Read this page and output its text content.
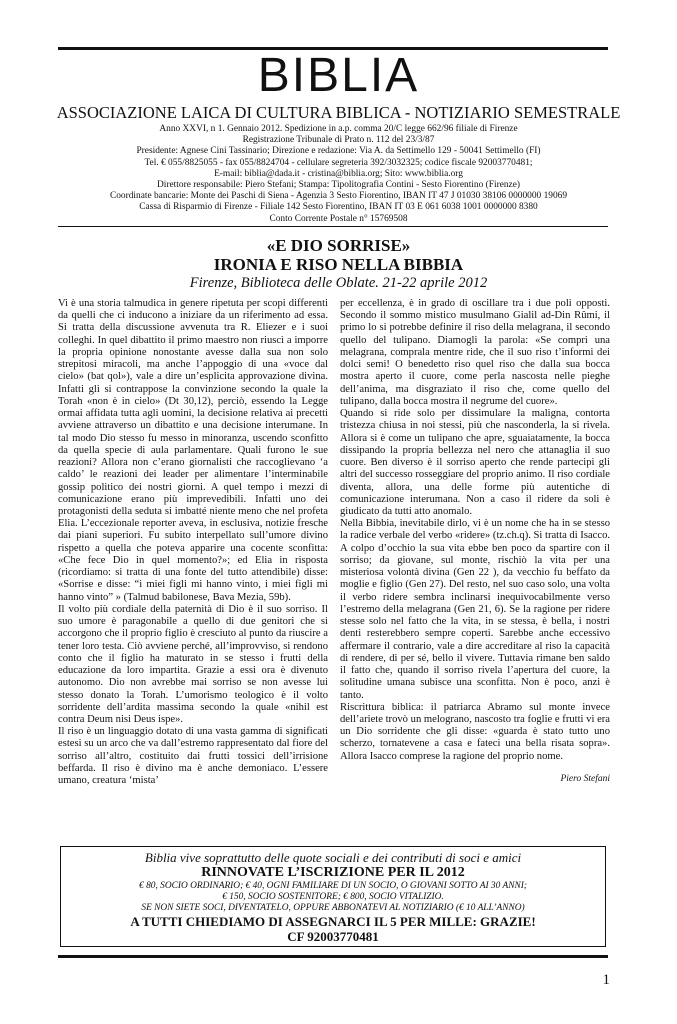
BIBLIA
ASSOCIAZIONE LAICA DI CULTURA BIBLICA - NOTIZIARIO SEMESTRALE
Anno XXVI, n 1. Gennaio 2012. Spedizione in a.p. comma 20/C legge 662/96 filiale di Firenze
Registrazione Tribunale di Prato n. 112 del 23/3/87
Presidente: Agnese Cini Tassinario; Direzione e redazione: Via A. da Settimello 129 - 50041 Settimello (FI)
Tel. € 055/8825055 - fax 055/8824704 - cellulare segreteria 392/3032325; codice fiscale 92003770481;
E-mail: biblia@dada.it - cristina@biblia.org; Sito: www.biblia.org
Direttore responsabile: Piero Stefani; Stampa: Tipolitografia Contini - Sesto Fiorentino (Firenze)
Coordinate bancarie: Monte dei Paschi di Siena - Agenzia 3 Sesto Fiorentino, IBAN IT 47 J 01030 38106 0000000 19069
Cassa di Risparmio di Firenze - Filiale 142 Sesto Fiorentino, IBAN IT 03 E 061 6038 1001 0000000 8380
Conto Corrente Postale n° 15769508
«E DIO SORRISE»
IRONIA E RISO NELLA BIBBIA
Firenze, Biblioteca delle Oblate. 21-22 aprile 2012

Vi è una storia talmudica in genere ripetuta per scopi differenti da quelli che ci inducono a iniziare da un riferimento ad essa. Si tratta della discussione avvenuta tra R. Eliezer e i suoi colleghi. In quel dibattito il primo maestro non riuscì a imporre la propria opinione nonostante avesse dalla sua non solo strepitosi miracoli, ma anche l’appoggio di una «voce dal cielo» (bat qol»), vale a dire un’esplicita approvazione divina. Infatti gli si contrappose la convinzione secondo la quale la Torah «non è in cielo» (Dt 30,12), perciò, essendo la Legge ormai affidata tutta agli uomini, la decisione relativa ai precetti avviene attraverso un dibattito e una decisione interumane. In tal modo Dio stesso fu messo in minoranza, uscendo sconfitto da quella specie di aula parlamentare. Quali furono le sue reazioni? Allora non c’erano giornalisti che raccoglievano ‘a caldo’ le reazioni dei leader per alimentare l’interminabile gossip politico dei nostri giorni. A quel tempo i mezzi di comunicazione erano più imprevedibili. Infatti uno dei protagonisti della seduta si imbatté niente meno che nel profeta Elia. L’eccezionale reporter aveva, in esclusiva, notizie fresche dai piani superiori. Fu subito interpellato sull’umore divino rispetto a quella che poteva apparire una cocente sconfitta: «Che fece Dio in quel momento?»; ed Elia in risposta (ricordiamo: si tratta di una fonte del tutto attendibile) disse: «Sorrise e disse: “i miei figli mi hanno vinto, i miei figli mi hanno vinto” » (Talmud babilonese, Bava Mezia, 59b).

Il volto più cordiale della paternità di Dio è il suo sorriso. Il suo umore è paragonabile a quello di due genitori che si accorgono che il proprio figlio è cresciuto al punto da riuscire a tener loro testa. Ciò avviene perché, all’improvviso, si rendono conto che il figlio ha maturato in se stesso i frutti della educazione da loro impartita. Grazie a essi ora è divenuto autonomo. Dio non avrebbe mai sorriso se non avesse lui stesso donato la Torah. L’umorismo teologico è il volto sorridente dell’ardita massima secondo la quale «nihil est contra Deum nisi Deus ispe».

Il riso è un linguaggio dotato di una vasta gamma di significati estesi su un arco che va dall’estremo rappresentato dal fiore del sorriso all’altro, costituito dai frutti tossici dell’irrisione beffarda. Il riso è divino ma è anche demoniaco. L’essere umano, creatura ‘mista’

per eccellenza, è in grado di oscillare tra i due poli opposti. Secondo il sommo mistico musulmano Gialil ad-Din Rûmi, il primo lo si potrebbe definire il riso della melagrana, il secondo quello del tulipano. Diamogli la parola: «Se compri una melagrana, comprala mentre ride, che il suo riso t’informi dei dolci semi! O benedetto riso quel riso che dalla sua bocca mostra aperto il cuore, come perla nascosta nelle pieghe dell’anima, ma disgraziato il riso che, come quello del tulipano, dalla bocca mostra il negrume del cuore».

Quando si ride solo per dissimulare la maligna, contorta tristezza chiusa in noi stessi, più che nasconderla, la si rivela. Allora si è come un tulipano che apre, sguaiatamente, la bocca dissipando la propria bellezza nel nero che attanaglia il suo cuore. Ben diverso è il sorriso aperto che rende partecipi gli altri del successo rosseggiare del proprio animo. Il riso cordiale diventa, allora, una delle forme più autentiche di comunicazione interumana. Non a caso il ridere da soli è giudicato da tutti atto anomalo.

Nella Bibbia, inevitabile dirlo, vi è un nome che ha in se stesso la radice verbale del verbo «ridere» (tz.ch.q). Si tratta di Isacco. A colpo d’occhio la sua vita ebbe ben poco da spartire con il sorriso; da giovane, sul monte, rischiò la vita per una misteriosa volontà divina (Gen 22 ), da vecchio fu beffato da moglie e figlio (Gen 27). Del resto, nel suo caso solo, una volta il verbo ridere sembra inclinarsi inequivocabilmente verso l’estremo della melagrana (Gen 21, 6). Se la ragione per ridere stesse solo nel fatto che la vita, in se stessa, è bella, i nostri denti resterebbero sempre coperti. Sarebbe anche eccessivo affermare il contrario, vale a dire accreditare al riso la capacità di rendere, di per sé, bello il vivere. Tuttavia rimane ben saldo il fatto che, quando il sorriso rivela l’apertura del cuore, la solitudine umana subisce una sconfitta. Non è poco, anzi è tanto.

Riscrittura biblica: il patriarca Abramo sul monte invece dell’ariete trovò un melograno, nascosto tra foglie e frutti vi era un Dio sorridente che gli disse: «guarda è stato tutto uno scherzo, tornatevene a casa e fateci una bella risata sopra». Allora Isacco comprese la ragione del proprio nome.

Piero Stefani
Biblia vive soprattutto delle quote sociali e dei contributi di soci e amici
RINNOVATE L’ISCRIZIONE PER IL 2012
€ 80, SOCIO ORDINARIO; € 40, OGNI FAMILIARE DI UN SOCIO, O GIOVANI SOTTO AI 30 ANNI;
€ 150, SOCIO SOSTENITORE; € 800, SOCIO VITALIZIO.
SE NON SIETE SOCI, DIVENTATELO, OPPURE ABBONATEVI AL NOTIZIARIO (€ 10 ALL’ANNO)
A TUTTI CHIEDIAMO DI ASSEGNARCI IL 5 PER MILLE: GRAZIE!
CF 92003770481
1
